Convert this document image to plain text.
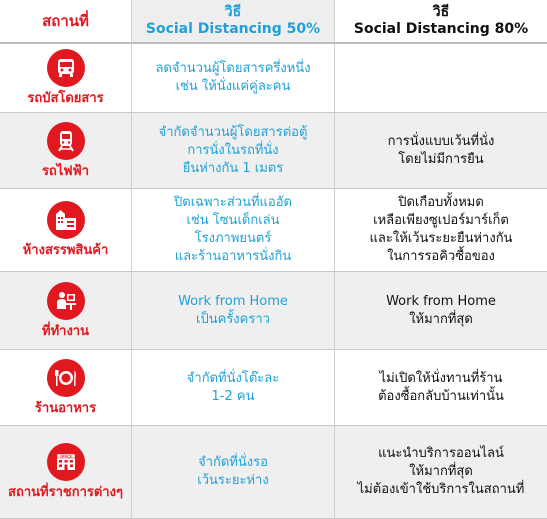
สถานที่	วิธี
Social Distancing 50%
วิธี
Social Distancing 80%
รถบัสโดยสาร
ลดจำนวนผู้โดยสารครึ่งหนึ่ง
เช่น ให้นั่งแค่คู่ละคน
รถไฟฟ้า
จำกัดจำนวนผู้โดยสารต่อตู้
การนั่งในรถที่นั่ง
ยืนห่างกัน 1 เมตร
การนั่งแบบเว้นที่นั่ง
โดยไม่มีการยืน
ห้างสรรพสินค้า
ปิดเฉพาะส่วนที่แออัด
เช่น โซนเด็กเล่น
โรงภาพยนตร์
และร้านอาหารนั่งกิน
ปิดเกือบทั้งหมด
เหลือเพียงซูเปอร์มาร์เก็ต
และให้เว้นระยะยืนห่างกัน
ในการรอคิวซื้อของ
ที่ทำงาน
Work from Home
เป็นครั้งคราว
Work from Home
ให้มากที่สุด
ร้านอาหาร
จำกัดที่นั่งโต๊ะละ
1-2 คน
ไม่เปิดให้นั่งทานที่ร้าน
ต้องซื้อกลับบ้านเท่านั้น
OFFICE
สถานที่ราชการต่างๆ
จำกัดที่นั่งรอ
เว้นระยะห่าง
แนะนำบริการออนไลน์
ให้มากที่สุด
ไม่ต้องเข้าใช้บริการในสถานที่
